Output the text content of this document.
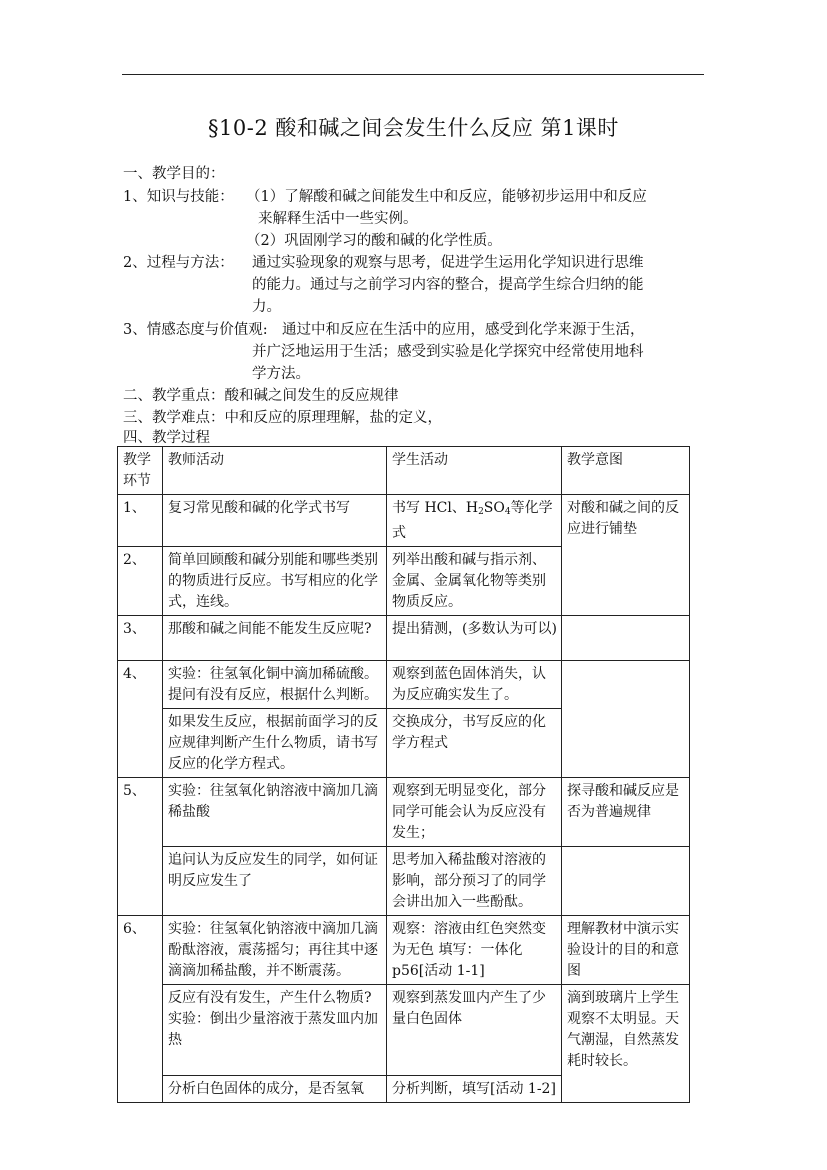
§10-2 酸和碱之间会发生什么反应 第1课时
一、教学目的：
1、知识与技能： （1）了解酸和碱之间能发生中和反应，能够初步运用中和反应
来解释生活中一些实例。
（2）巩固刚学习的酸和碱的化学性质。
2、过程与方法： 通过实验现象的观察与思考，促进学生运用化学知识进行思维
的能力。通过与之前学习内容的整合，提高学生综合归纳的能
力。
3、情感态度与价值观: 通过中和反应在生活中的应用，感受到化学来源于生活，
并广泛地运用于生活；感受到实验是化学探究中经常使用地科
学方法。
二、教学重点：酸和碱之间发生的反应规律
三、教学难点：中和反应的原理理解，盐的定义，
四、教学过程
教学环节	教师活动	学生活动	教学意图
1、	复习常见酸和碱的化学式书写	书写 HCl、$H_2SO_4$等化学式	对酸和碱之间的反应进行铺垫
2、	简单回顾酸和碱分别能和哪些类别的物质进行反应。书写相应的化学式，连线。	列举出酸和碱与指示剂、金属、金属氧化物等类别物质反应。	
3、	那酸和碱之间能不能发生反应呢?	提出猜测，(多数认为可以)	
4、	实验：往氢氧化铜中滴加稀硫酸。提问有没有反应，根据什么判断。	观察到蓝色固体消失，认为反应确实发生了。	
	如果发生反应，根据前面学习的反应规律判断产生什么物质，请书写反应的化学方程式。	交换成分，书写反应的化学方程式	
5、	实验：往氢氧化钠溶液中滴加几滴稀盐酸	观察到无明显变化，部分同学可能会认为反应没有发生；	探寻酸和碱反应是否为普遍规律
	追问认为反应发生的同学，如何证明反应发生了	思考加入稀盐酸对溶液的影响，部分预习了的同学会讲出加入一些酚酞。	
6、	实验：往氢氧化钠溶液中滴加几滴酚酞溶液，震荡摇匀；再往其中逐滴滴加稀盐酸，并不断震荡。	观察：溶液由红色突然变为无色 填写：一体化p56[活动 1-1]	理解教材中演示实验设计的目的和意图
	反应有没有发生，产生什么物质?实验：倒出少量溶液于蒸发皿内加热	观察到蒸发皿内产生了少量白色固体	滴到玻璃片上学生观察不太明显。天气潮湿，自然蒸发耗时较长。
	分析白色固体的成分，是否氢氧	分析判断，填写[活动 1-2]	
